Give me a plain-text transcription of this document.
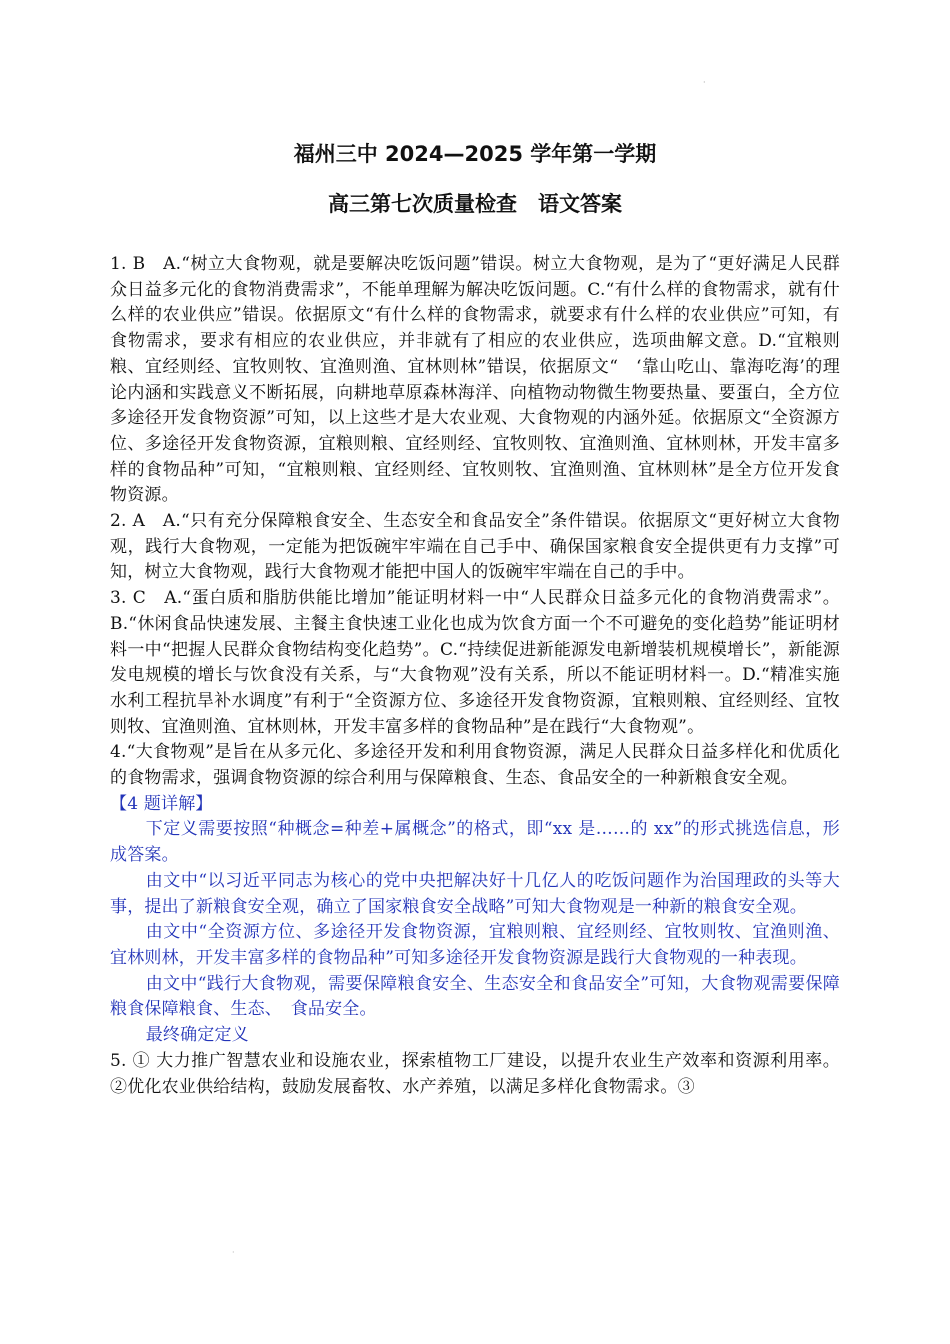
·
福州三中 2024—2025 学年第一学期
高三第七次质量检查　语文答案

1. B　A.“树立大食物观，就是要解决吃饭问题”错误。树立大食物观，是为了“更好满足人民群众日益多元化的食物消费需求”，不能单理解为解决吃饭问题。C.“有什么样的食物需求，就有什么样的农业供应”错误。依据原文“有什么样的食物需求，就要求有什么样的农业供应”可知，有食物需求，要求有相应的农业供应，并非就有了相应的农业供应，选项曲解文意。D.“宜粮则粮、宜经则经、宜牧则牧、宜渔则渔、宜林则林”错误，依据原文“　‘靠山吃山、靠海吃海’的理论内涵和实践意义不断拓展，向耕地草原森林海洋、向植物动物微生物要热量、要蛋白，全方位多途径开发食物资源”可知，以上这些才是大农业观、大食物观的内涵外延。依据原文“全资源方位、多途径开发食物资源，宜粮则粮、宜经则经、宜牧则牧、宜渔则渔、宜林则林，开发丰富多样的食物品种”可知，“宜粮则粮、宜经则经、宜牧则牧、宜渔则渔、宜林则林”是全方位开发食物资源。

2. A　A.“只有充分保障粮食安全、生态安全和食品安全”条件错误。依据原文“更好树立大食物观，践行大食物观，一定能为把饭碗牢牢端在自己手中、确保国家粮食安全提供更有力支撑”可知，树立大食物观，践行大食物观才能把中国人的饭碗牢牢端在自己的手中。

3. C　A.“蛋白质和脂肪供能比增加”能证明材料一中“人民群众日益多元化的食物消费需求”。B.“休闲食品快速发展、主餐主食快速工业化也成为饮食方面一个不可避免的变化趋势”能证明材料一中“把握人民群众食物结构变化趋势”。C.“持续促进新能源发电新增装机规模增长”，新能源发电规模的增长与饮食没有关系，与“大食物观”没有关系，所以不能证明材料一。D.“精准实施水利工程抗旱补水调度”有利于“全资源方位、多途径开发食物资源，宜粮则粮、宜经则经、宜牧则牧、宜渔则渔、宜林则林，开发丰富多样的食物品种”是在践行“大食物观”。

4.“大食物观”是旨在从多元化、多途径开发和利用食物资源，满足人民群众日益多样化和优质化的食物需求，强调食物资源的综合利用与保障粮食、生态、食品安全的一种新粮食安全观。

【4 题详解】

下定义需要按照“种概念=种差+属概念”的格式，即“xx 是……的 xx”的形式挑选信息，形成答案。

由文中“以习近平同志为核心的党中央把解决好十几亿人的吃饭问题作为治国理政的头等大事，提出了新粮食安全观，确立了国家粮食安全战略”可知大食物观是一种新的粮食安全观。

由文中“全资源方位、多途径开发食物资源，宜粮则粮、宜经则经、宜牧则牧、宜渔则渔、宜林则林，开发丰富多样的食物品种”可知多途径开发食物资源是践行大食物观的一种表现。

由文中“践行大食物观，需要保障粮食安全、生态安全和食品安全”可知，大食物观需要保障粮食保障粮食、生态、　食品安全。

最终确定定义

5. ① 大力推广智慧农业和设施农业，探索植物工厂建设，以提升农业生产效率和资源利用率。②优化农业供给结构，鼓励发展畜牧、水产养殖，以满足多样化食物需求。③

·
